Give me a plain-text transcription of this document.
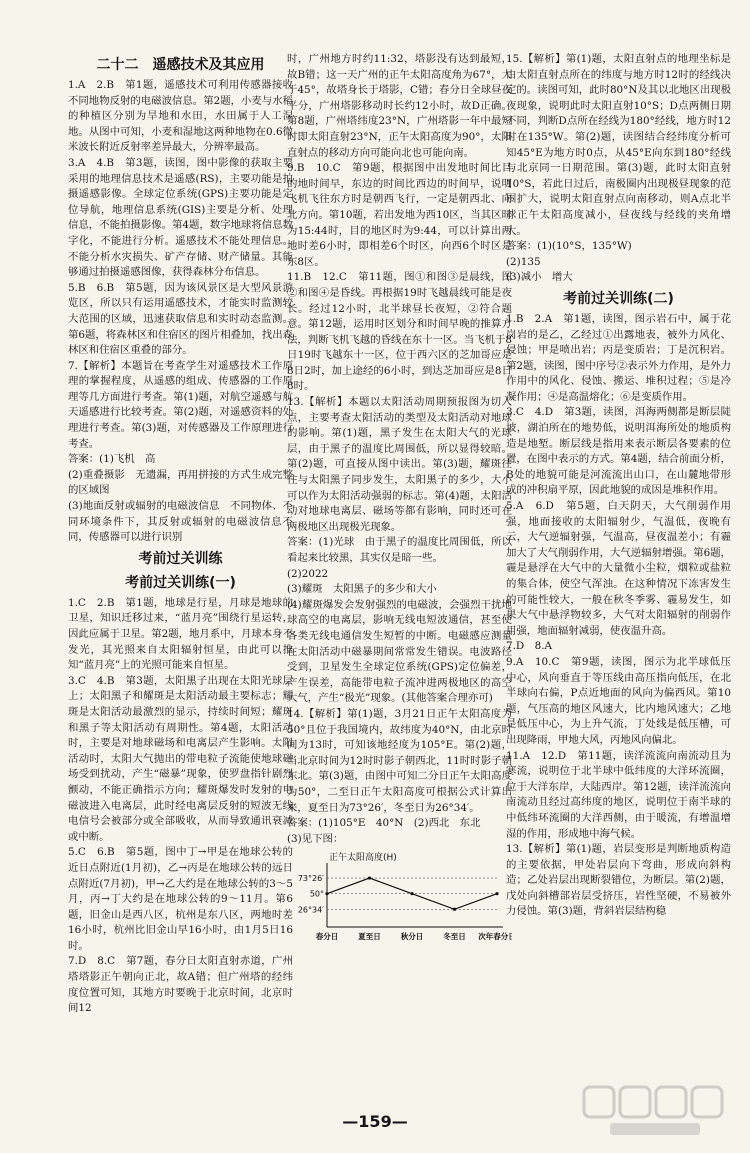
二十二　遥感技术及其应用

1.A　2.B　第1题，遥感技术可利用传感器接收不同地物反射的电磁波信息。第2题，小麦与水稻的种植区分别为旱地和水田，水田属于人工湿地。从图中可知，小麦和湿地这两种地物在0.6微米波长附近反射率差异最大，分辨率最高。

3.A　4.B　第3题，读图，图中影像的获取主要采用的地理信息技术是遥感(RS)，主要功能是拍摄遥感影像。全球定位系统(GPS)主要功能是定位导航，地理信息系统(GIS)主要是分析、处理信息，不能拍摄影像。第4题，数字地球将信息数字化，不能进行分析。遥感技术不能处理信息。不能分析水灾损失、矿产存储、财产储量。其能够通过拍摄遥感图像，获得森林分布信息。

5.B　6.B　第5题，因为该风景区是大型风景游览区，所以只有运用遥感技术，才能实时监测较大范围的区域，迅速获取信息和实时动态监测。第6题，将森林区和住宿区的图片相叠加，找出森林区和住宿区重叠的部分。

7.【解析】本题旨在考查学生对遥感技术工作原理的掌握程度，从遥感的组成、传感器的工作原理等几方面进行考查。第(1)题，对航空遥感与航天遥感进行比较考查。第(2)题，对遥感资料的处理进行考查。第(3)题，对传感器及工作原理进行考查。

答案：(1)飞机　高

(2)重叠摄影　无遗漏，再用拼接的方式生成完整的区域图

(3)地面反射或辐射的电磁波信息　不同物体、不同环境条件下，其反射或辐射的电磁波信息不同，传感器可以进行识别

考前过关训练
考前过关训练(一)

1.C　2.B　第1题，地球是行星，月球是地球的卫星，知识迁移过来，“蓝月亮”围绕行星运转，因此应属于卫星。第2题，地月系中，月球本身不发光，其光照来自太阳辐射恒星，由此可以推知“蓝月亮”上的光照可能来自恒星。

3.C　4.B　第3题，太阳黑子出现在太阳光球层上；太阳黑子和耀斑是太阳活动最主要标志；耀斑是太阳活动最激烈的显示，持续时间短；耀斑和黑子等太阳活动有周期性。第4题，太阳活动时，主要是对地球磁场和电离层产生影响。太阳活动时，太阳大气抛出的带电粒子流能使地球磁场受到扰动，产生“磁暴”现象，使罗盘指针剧烈颤动，不能正确指示方向；耀斑爆发时发射的电磁波进入电离层，此时经电离层反射的短波无线电信号会被部分或全部吸收，从而导致通讯衰减或中断。

5.C　6.B　第5题，图中丁→甲是在地球公转的近日点附近(1月初)，乙→丙是在地球公转的远日点附近(7月初)，甲→乙大约是在地球公转的3～5月，丙→丁大约是在地球公转的9～11月。第6题，旧金山是西八区，杭州是东八区，两地时差16小时，杭州比旧金山早16小时，由1月5日16时。

7.D　8.C　第7题，春分日太阳直射赤道，广州塔塔影正午朝向正北，故A错；但广州塔的经纬度位置可知，其地方时要晚于北京时间，北京时间12

时，广州地方时约11:32，塔影没有达到最短，故B错；这一天广州的正午太阳高度角为67°，大于45°，故塔身长于塔影，C错；春分日全球昼夜平分，广州塔影移动时长约12小时，故D正确。第8题，广州塔纬度23°N，广州塔影一年中最短时即太阳直射23°N，正午太阳高度为90°，太阳直射点的移动方向可能向北也可能向南。

9.B　10.C　第9题，根据图中出发地时间比目的地时间早，东边的时间比西边的时间早，说明飞机飞往东方时是朝西飞行，一定是朝西北、向北方向。第10题，若出发地为西10区，当其区时为15:44时，目的地区时为9:44，可以计算出两地时差6小时，即相差6个时区，向西6个时区是东8区。

11.B　12.C　第11题，图①和图③是晨线，图②和图④是昏线。再根据19时飞越晨线可能是夜长。经过12小时，北半球昼长夜短，②符合题意。第12题，运用时区划分和时间早晚的推算方法，判断飞机飞越的昏线在东十一区。当飞机于8日19时飞越东十一区，位于西六区的芝加哥应是8日2时，加上途经的6小时，到达芝加哥应是8日8时。

13.【解析】本题以太阳活动周期预报图为切入点，主要考查太阳活动的类型及太阳活动对地球的影响。第(1)题，黑子发生在太阳大气的光球层，由于黑子的温度比周围低，所以显得较暗。第(2)题，可直接从图中读出。第(3)题，耀斑往往与太阳黑子同步发生，太阳黑子的多少，大小可以作为太阳活动强弱的标志。第(4)题，太阳活动对地球电离层、磁场等都有影响，同时还可在两极地区出现极光现象。

答案：(1)光球　由于黑子的温度比周围低，所以看起来比较黑，其实仅是暗一些。

(2)2022

(3)耀斑　太阳黑子的多少和大小

(4)耀斑爆发会发射强烈的电磁波，会强烈干扰地球高空的电离层，影响无线电短波通信，甚至使各类无线电通信发生短暂的中断。电磁感应测量在太阳活动中磁暴期间常常发生错误。电波路径受到，卫星发生全球定位系统(GPS)定位偏差，产生误差，高能带电粒子流冲进两极地区的高空大气，产生“极光”现象。(其他答案合理亦可)

14.【解析】第(1)题，3月21日正午太阳高度为50°且位于我国境内，故纬度为40°N，由北京时间为13时，可知该地经度为105°E。第(2)题，当北京时间为12时时影子朝西北，11时时影子朝东北。第(3)题，由图中可知二分日正午太阳高度为50°，二至日正午太阳高度可根据公式计算出来，夏至日为73°26′，冬至日为26°34′。

答案：(1)105°E　40°N　(2)西北　东北

(3)见下图：

正午太阳高度(H)
73°26′
50°
26°34′
春分日	夏至日	秋分日	冬至日 次年春分日

15.【解析】第(1)题，太阳直射点的地理坐标是由太阳直射点所在的纬度与地方时12时的经线决定的。读图可知，此时80°N及其以北地区出现极夜现象，说明此时太阳直射10°S；D点两侧日期不同，判断D点所在经线为180°经线，地方时12时在135°W。第(2)题，读图结合经纬度分析可知45°E为地方时0点，从45°E向东到180°经线与北京同一日期范围。第(3)题，此时太阳直射10°S，若此日过后，南极圈内出现极昼现象的范围扩大，说明太阳直射点向南移动，则A点北半球正午太阳高度减小，昼夜线与经线的夹角增大。

答案：(1)(10°S，135°W)

(2)135

(3)减小　增大

考前过关训练(二)

1.B　2.A　第1题，读图，图示岩石中，属于花岗岩的是乙，乙经过①出露地表，被外力风化、侵蚀；甲是喷出岩；丙是变质岩；丁是沉积岩。第2题，读图，图中序号②表示外力作用，是外力作用中的风化、侵蚀、搬运、堆积过程；⑤是冷凝作用；④是高温熔化；⑥是变质作用。

3.C　4.D　第3题，读图，洱海两侧都是断层陡坡，湖泊所在的地势低，说明洱海所处的地质构造是地堑。断层线是指用来表示断层各要素的位置，在图中表示的方式。第4题，结合前面分析，B处的地貌可能是河流流出山口，在山麓地带形成的冲积扇平原，因此地貌的成因是堆积作用。

5.A　6.D　第5题，白天阴天，大气削弱作用强，地面接收的太阳辐射少，气温低，夜晚有云，大气逆辐射强，气温高，昼夜温差小；有霾加大了大气削弱作用，大气逆辐射增强。第6题，霾是悬浮在大气中的大量微小尘粒，烟粒或盐粒的集合体，使空气浑浊。在这种情况下冻害发生的可能性较大，一般在秋冬季雾、霾易发生，如果大气中悬浮物较多，大气对太阳辐射的削弱作用强，地面辐射减弱，使夜温升高。

7.D　8.A

9.A　10.C　第9题，读图，图示为北半球低压中心，风向垂直于等压线由高压指向低压，在北半球向右偏，P点近地面的风向为偏西风。第10题，气压高的地区风速大，比内地风速大；乙地是低压中心，为上升气流，丁处线是低压槽，可出现降雨，甲地大风，丙地风向偏北。

11.A　12.D　第11题，读洋流流向南流动且为寒流，说明位于北半球中低纬度的大洋环流圈，位于大洋东岸，大陆西岸。第12题，读洋流流向南流动且经过高纬度的地区，说明位于南半球的中低纬环流圈的大洋西侧，由于暖流，有增温增湿的作用，形成地中海气候。

13.【解析】第(1)题，岩层变形是判断地质构造的主要依据，甲处岩层向下弯曲，形成向斜构造；乙处岩层出现断裂错位，为断层。第(2)题，戊处向斜槽部岩层受挤压，岩性坚硬，不易被外力侵蚀。第(3)题，背斜岩层结构稳

—159—
